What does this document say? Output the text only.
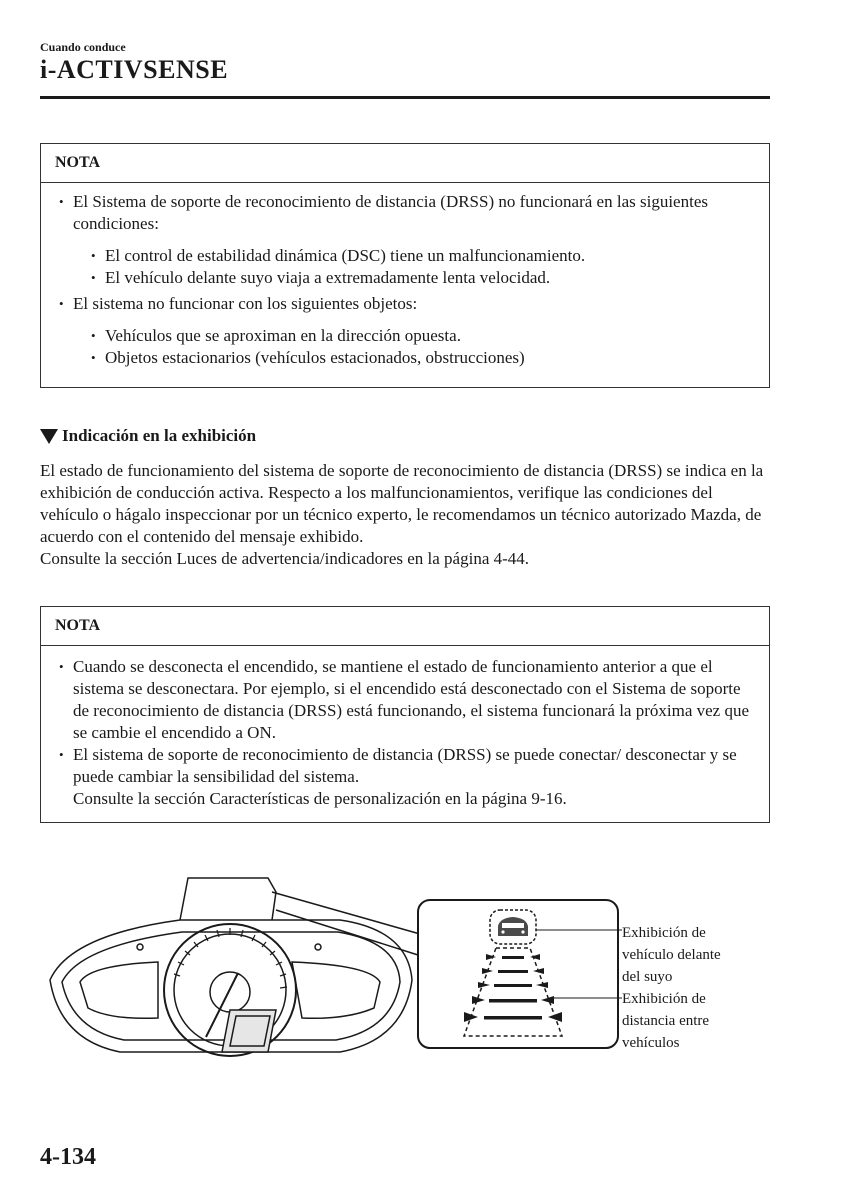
Cuando conduce
i-ACTIVSENSE
NOTA
• El Sistema de soporte de reconocimiento de distancia (DRSS) no funcionará en las siguientes condiciones:
• El control de estabilidad dinámica (DSC) tiene un malfuncionamiento.
• El vehículo delante suyo viaja a extremadamente lenta velocidad.
• El sistema no funcionar con los siguientes objetos:
• Vehículos que se aproximan en la dirección opuesta.
• Objetos estacionarios (vehículos estacionados, obstrucciones)
Indicación en la exhibición
El estado de funcionamiento del sistema de soporte de reconocimiento de distancia (DRSS) se indica en la exhibición de conducción activa. Respecto a los malfuncionamientos, verifique las condiciones del vehículo o hágalo inspeccionar por un técnico experto, le recomendamos un técnico autorizado Mazda, de acuerdo con el contenido del mensaje exhibido.
Consulte la sección Luces de advertencia/indicadores en la página 4-44.
NOTA
• Cuando se desconecta el encendido, se mantiene el estado de funcionamiento anterior a que el sistema se desconectara. Por ejemplo, si el encendido está desconectado con el Sistema de soporte de reconocimiento de distancia (DRSS) está funcionando, el sistema funcionará la próxima vez que se cambie el encendido a ON.
• El sistema de soporte de reconocimiento de distancia (DRSS) se puede conectar/ desconectar y se puede cambiar la sensibilidad del sistema.
Consulte la sección Características de personalización en la página 9-16.
Exhibición de
vehículo delante
del suyo
Exhibición de
distancia entre
vehículos
4-134
